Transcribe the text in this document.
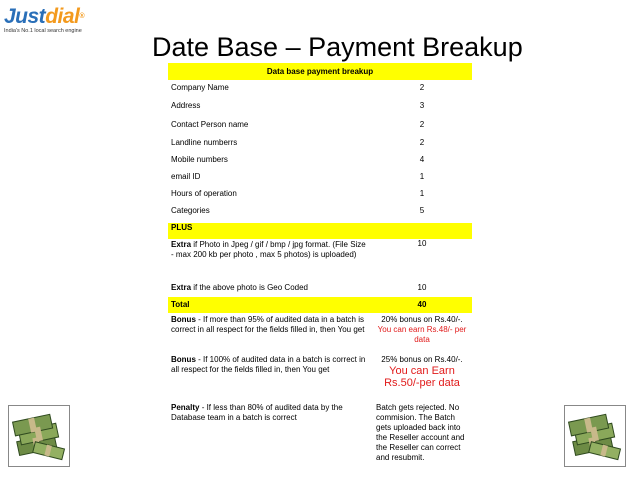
Justdial®
India's No.1 local search engine
Date Base – Payment Breakup
Data base payment breakup	

Company Name	2
Address	3
Contact Person name	2
Landline numberrs	2
Mobile numbers	4
email ID	1
Hours of operation	1
Categories	5
PLUS	
Extra if Photo in Jpeg / gif / bmp / jpg format. (File Size - max 200 kb per photo , max 5 photos) is uploaded)	10
Extra if the above photo is Geo Coded	10
Total	40
Bonus - If more than 95% of audited data in a batch is correct in all respect for the fields filled in, then You get	20% bonus on Rs.40/-.
You can earn Rs.48/- per data

Bonus - If 100% of audited data in a batch is correct in all respect for the fields filled in, then You get	25% bonus on Rs.40/-.
You can Earn Rs.50/-per data

Penalty - If less than 80% of audited data by the Database team in a batch is correct	Batch gets rejected. No commision. The Batch gets uploaded back into the Reseller account and the Reseller can correct and resubmit.
